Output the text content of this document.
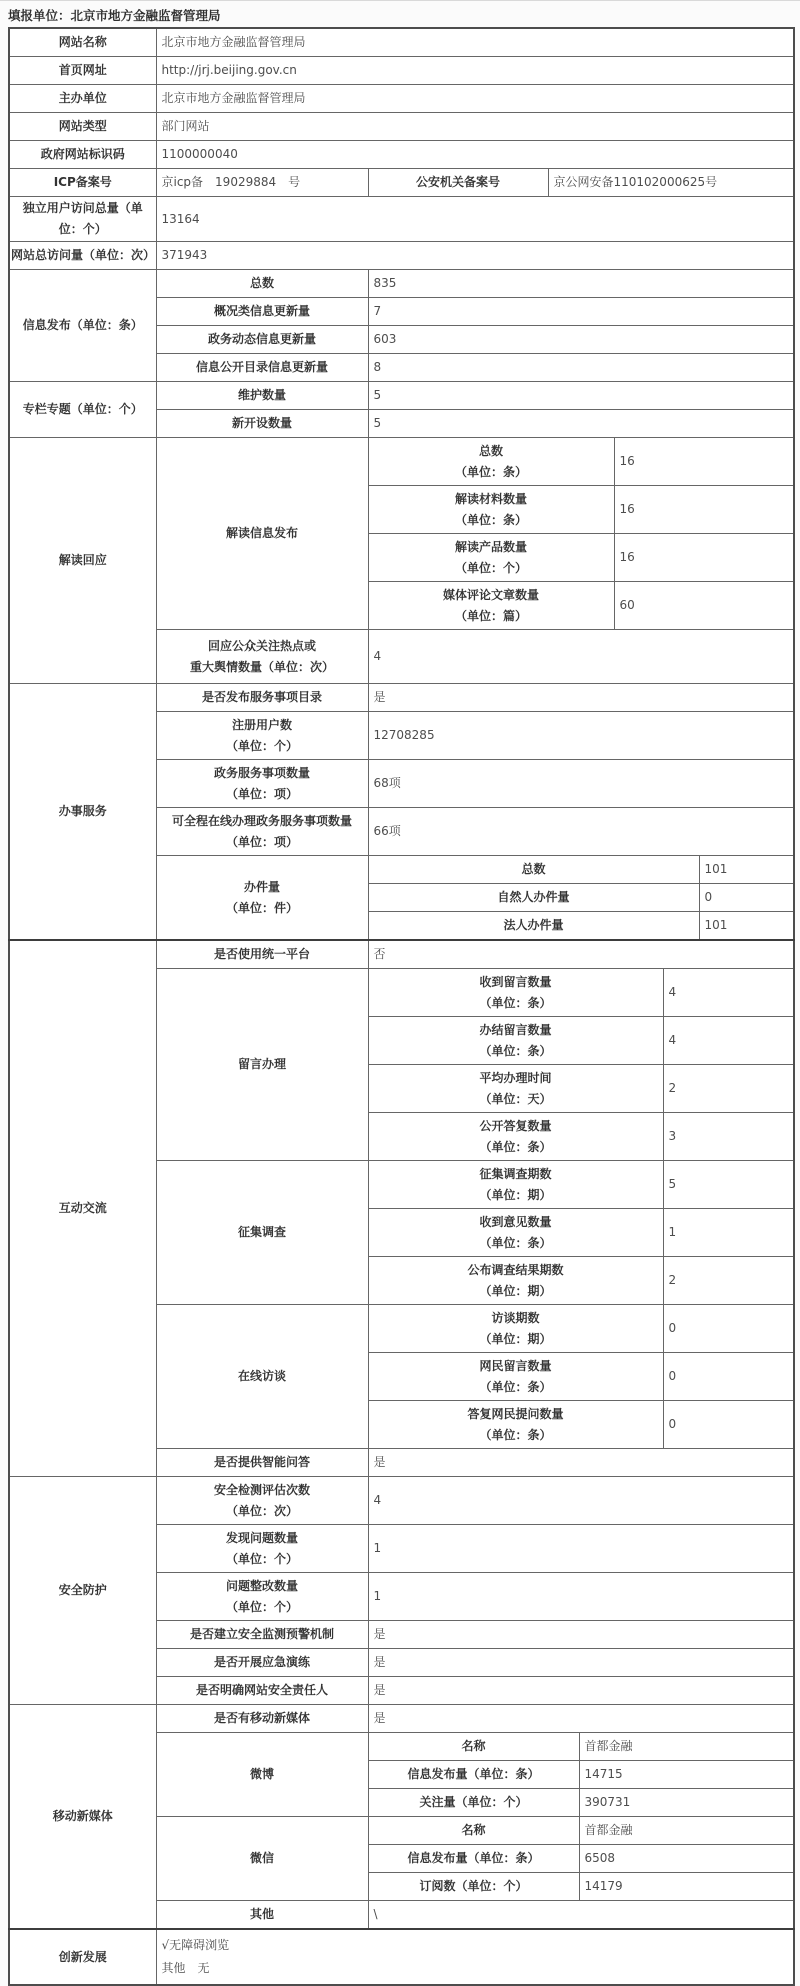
填报单位：北京市地方金融监督管理局
网站名称	北京市地方金融监督管理局						

首页网址	http://jrj.beijing.gov.cn						

主办单位	北京市地方金融监督管理局						

网站类型	部门网站						

政府网站标识码	1100000040						

ICP备案号	京icp备　19029884　号	公安机关备案号	京公网安备110102000625号				

独立用户访问总量（单位：个）	13164						

网站总访问量（单位：次）	371943						

信息发布（单位：条）	总数	835					

	概况类信息更新量	7					

	政务动态信息更新量	603					

	信息公开目录信息更新量	8					

专栏专题（单位：个）	维护数量	5					

	新开设数量	5					

解读回应	解读信息发布	总数
（单位：条）			16		

		解读材料数量
（单位：条）			16		

		解读产品数量
（单位：个）			16		

		媒体评论文章数量
（单位：篇）			60		

	回应公众关注热点或
重大舆情数量（单位：次）	4					

办事服务	是否发布服务事项目录	是					

	注册用户数
（单位：个）	12708285					

	政务服务事项数量
（单位：项）	68项					

	可全程在线办理政务服务事项数量
（单位：项）	66项					

	办件量
（单位：件）	总数					101

		自然人办件量					0

		法人办件量					101

互动交流	是否使用统一平台	否					

	留言办理	收到留言数量
（单位：条）				4	

		办结留言数量
（单位：条）				4	

		平均办理时间
（单位：天）				2	

		公开答复数量
（单位：条）				3	

	征集调查	征集调查期数
（单位：期）				5	

		收到意见数量
（单位：条）				1	

		公布调查结果期数
（单位：期）				2	

	在线访谈	访谈期数
（单位：期）				0	

		网民留言数量
（单位：条）				0	

		答复网民提问数量
（单位：条）				0	

	是否提供智能问答	是					

安全防护	安全检测评估次数
（单位：次）	4					

	发现问题数量
（单位：个）	1					

	问题整改数量
（单位：个）	1					

	是否建立安全监测预警机制	是					

	是否开展应急演练	是					

	是否明确网站安全责任人	是					

移动新媒体	是否有移动新媒体	是					

	微博	名称		首都金融			

		信息发布量（单位：条）		14715			

		关注量（单位：个）		390731			

	微信	名称		首都金融			

		信息发布量（单位：条）		6508			

		订阅数（单位：个）		14179			

	其他	\					

创新发展	√无障碍浏览
其他　无						
